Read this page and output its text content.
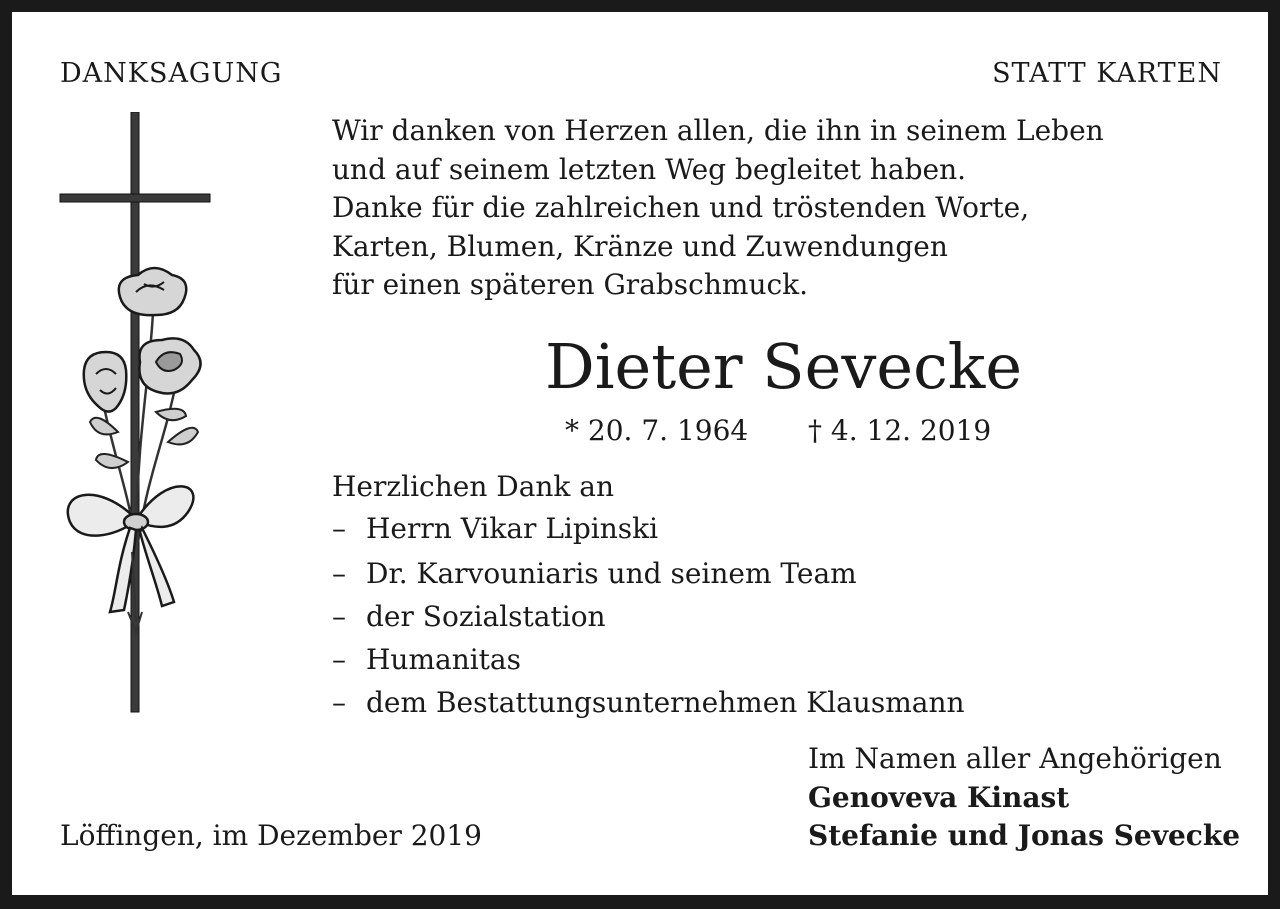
DANKSAGUNG	STATT KARTEN
Wir danken von Herzen allen, die ihn in seinem Leben
und auf seinem letzten Weg begleitet haben.
Danke für die zahlreichen und tröstenden Worte,
Karten, Blumen, Kränze und Zuwendungen
für einen späteren Grabschmuck.
Dieter Sevecke
* 20. 7. 1964 † 4. 12. 2019
Herzlichen Dank an
– Herrn Vikar Lipinski
– Dr. Karvouniaris und seinem Team
– der Sozialstation
– Humanitas
– dem Bestattungsunternehmen Klausmann
Im Namen aller Angehörigen
Genoveva Kinast
Stefanie und Jonas Sevecke
Löffingen, im Dezember 2019
